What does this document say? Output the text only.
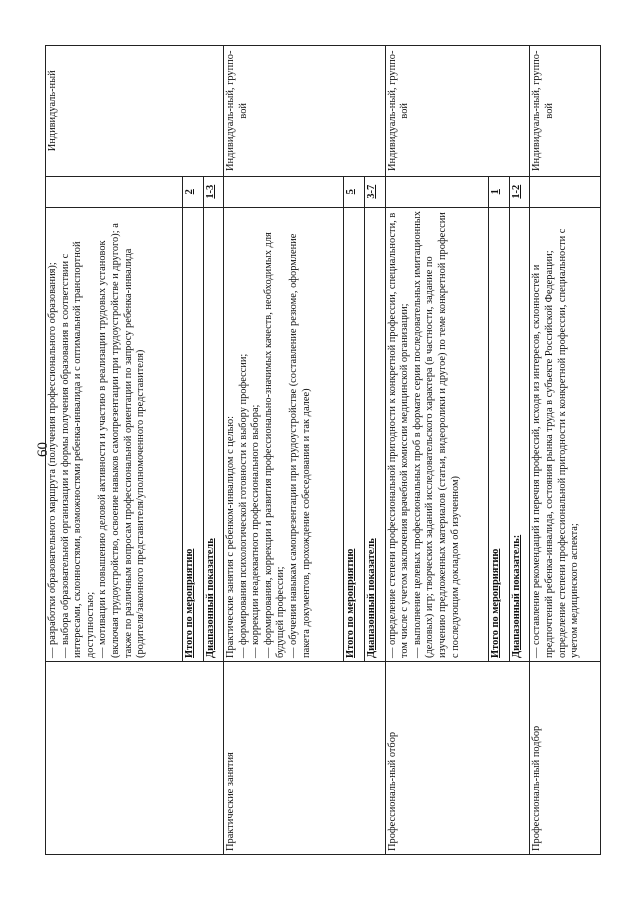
60

	— разработки образовательного маршрута (получения профессионального образования); — выбора образовательной организации и формы получения образования в соответствии с интересами, склонностями, возможностями ребенка-инвалида и с оптимальной транспортной доступностью; — мотивации к повышению деловой активности и участию в реализации трудовых установок (включая трудоустройство, освоение навыков самопрезентации при трудоустройстве и другого); а также по различным вопросам профессиональной ориентации по запросу ребенка-инвалида (родителя/законного представителя/уполномоченного представителя)		Индивидуаль-ный
	Итого по мероприятию	2	
	Диапазонный показатель	1-3	
Практические занятия	Практические занятия с ребенком-инвалидом с целью: — формирования психологической готовности к выбору профессии; — коррекции неадекватного профессионального выбора; — формирования, коррекции и развития профессионально-значимых качеств, необходимых для будущей профессии; — обучения навыкам самопрезентации при трудоустройстве (составление резюме, оформление пакета документов, прохождение собеседования и так далее)		Индивидуаль-ный, группо-вой
	Итого по мероприятию	5	
	Диапазонный показатель	3-7	
Профессиональ-ный отбор	— определение степени профессиональной пригодности к конкретной профессии, специальности, в том числе с учетом заключения врачебной комиссии медицинской организации; — выполнение целевых профессиональных проб в формате серии последовательных имитационных (деловых) игр; творческих заданий исследовательского характера (в частности, задание по изучению предложенных материалов (статьи, видеоролики и другое) по теме конкретной профессии с последующим докладом об изученном)		Индивидуаль-ный, группо-вой
	Итого по мероприятию	1	
	Диапазонный показатель:	1-2	
Профессиональ-ный подбор	— составление рекомендаций и перечня профессий, исходя из интересов, склонностей и предпочтений ребенка-инвалида, состояния рынка труда в субъекте Российской Федерации; определение степени профессиональной пригодности к конкретной профессии, специальности с учетом медицинского аспекта;		Индивидуаль-ный, группо-вой
